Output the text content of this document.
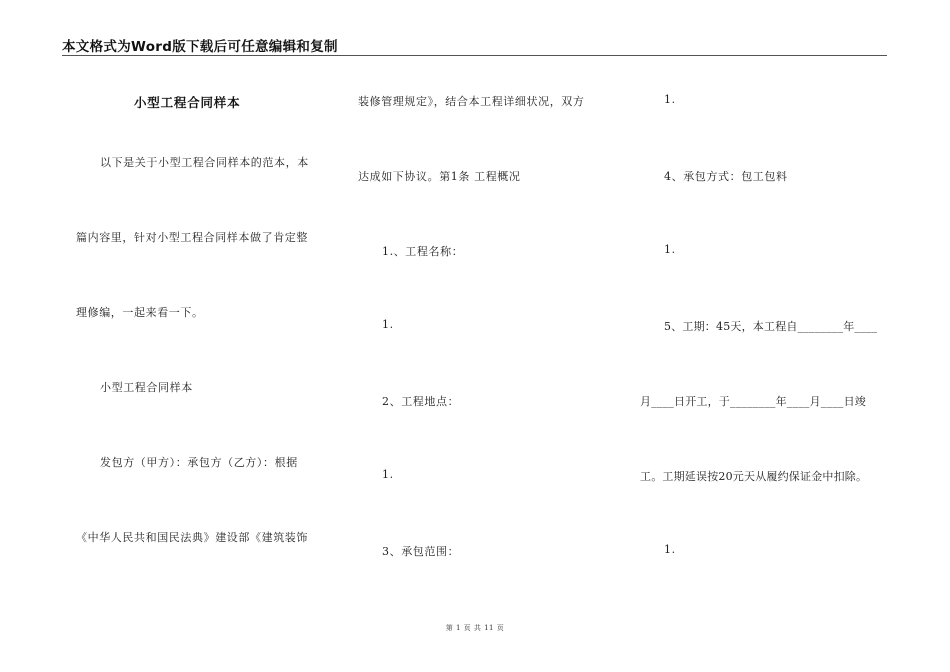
本文格式为Word版下载后可任意编辑和复制
小型工程合同样本
以下是关于小型工程合同样本的范本，本
篇内容里，针对小型工程合同样本做了肯定整
理修编，一起来看一下。
小型工程合同样本
发包方（甲方）：承包方（乙方）：根据
《中华人民共和国民法典》建设部《建筑装饰
装修管理规定》，结合本工程详细状况，双方
达成如下协议。第1条 工程概况
1.、工程名称：
1.
2、工程地点：
1.
3、承包范围：
1.
4、承包方式：包工包料
1.
5、工期：45天，本工程自________年____
月____日开工，于________年____月____日竣
工。工期延误按20元天从履约保证金中扣除。
1.
第 1 页 共 11 页
